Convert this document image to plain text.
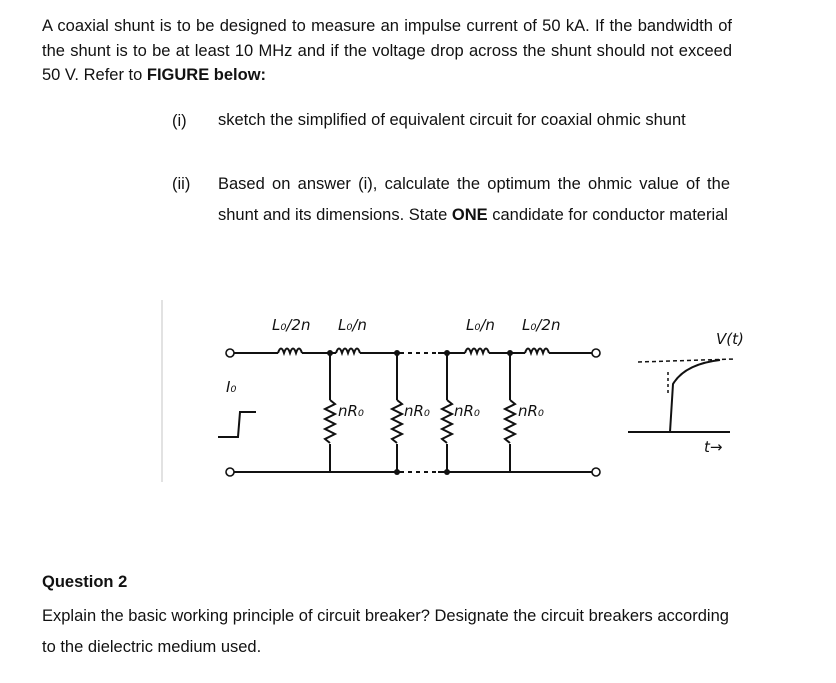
A coaxial shunt is to be designed to measure an impulse current of 50 kA. If the bandwidth of the shunt is to be at least 10 MHz and if the voltage drop across the shunt should not exceed 50 V. Refer to FIGURE below:
(i) sketch the simplified of equivalent circuit for coaxial ohmic shunt
(ii) Based on answer (i), calculate the optimum the ohmic value of the shunt and its dimensions. State ONE candidate for conductor material
L₀/2n L₀/n	L₀/n L₀/2n
I₀
nR₀	nR₀ nR₀	nR₀
V(t)
t→
Question 2
Explain the basic working principle of circuit breaker? Designate the circuit breakers according to the dielectric medium used.
